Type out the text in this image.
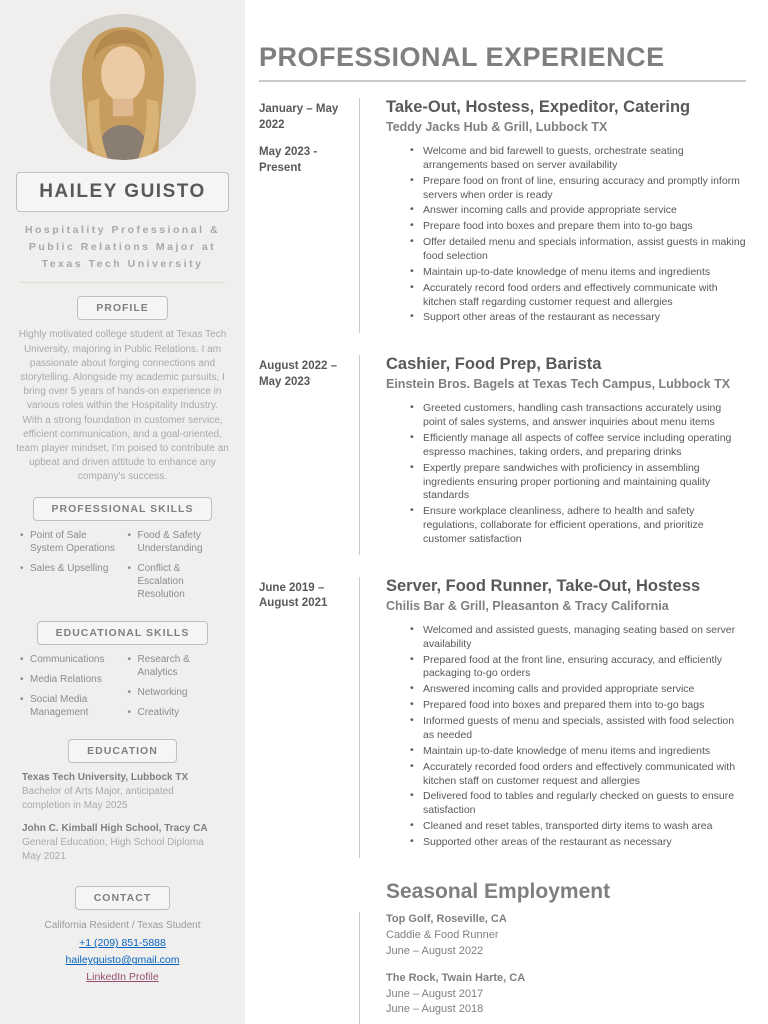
HAILEY GUISTO
Hospitality Professional & Public Relations Major at Texas Tech University
PROFILE

Highly motivated college student at Texas Tech University, majoring in Public Relations. I am passionate about forging connections and storytelling. Alongside my academic pursuits, I bring over 5 years of hands-on experience in various roles within the Hospitality Industry. With a strong foundation in customer service, efficient communication, and a goal-oriented, team player mindset, I'm poised to contribute an upbeat and driven attitude to enhance any company's success.

PROFESSIONAL SKILLS
• Point of Sale System Operations
• Sales & Upselling
• Food & Safety Understanding
• Conflict & Escalation Resolution
EDUCATIONAL SKILLS
• Communications
• Media Relations
• Social Media Management
• Research & Analytics
• Networking
• Creativity
EDUCATION
Texas Tech University, Lubbock TX
Bachelor of Arts Major, anticipated completion in May 2025
John C. Kimball High School, Tracy CA
General Education, High School Diploma May 2021
CONTACT
California Resident / Texas Student
+1 (209) 851-5888
haileyguisto@gmail.com
LinkedIn Profile
PROFESSIONAL EXPERIENCE
January – May 2022
May 2023 - Present
Take-Out, Hostess, Expeditor, Catering
Teddy Jacks Hub & Grill, Lubbock TX
• Welcome and bid farewell to guests, orchestrate seating arrangements based on server availability
• Prepare food on front of line, ensuring accuracy and promptly inform servers when order is ready
• Answer incoming calls and provide appropriate service
• Prepare food into boxes and prepare them into to-go bags
• Offer detailed menu and specials information, assist guests in making food selection
• Maintain up-to-date knowledge of menu items and ingredients
• Accurately record food orders and effectively communicate with kitchen staff regarding customer request and allergies
• Support other areas of the restaurant as necessary
August 2022 – May 2023
Cashier, Food Prep, Barista
Einstein Bros. Bagels at Texas Tech Campus, Lubbock TX
• Greeted customers, handling cash transactions accurately using point of sales systems, and answer inquiries about menu items
• Efficiently manage all aspects of coffee service including operating espresso machines, taking orders, and preparing drinks
• Expertly prepare sandwiches with proficiency in assembling ingredients ensuring proper portioning and maintaining quality standards
• Ensure workplace cleanliness, adhere to health and safety regulations, collaborate for efficient operations, and prioritize customer satisfaction
June 2019 – August 2021
Server, Food Runner, Take-Out, Hostess
Chilis Bar & Grill, Pleasanton & Tracy California
• Welcomed and assisted guests, managing seating based on server availability
• Prepared food at the front line, ensuring accuracy, and efficiently packaging to-go orders
• Answered incoming calls and provided appropriate service
• Prepared food into boxes and prepared them into to-go bags
• Informed guests of menu and specials, assisted with food selection as needed
• Maintain up-to-date knowledge of menu items and ingredients
• Accurately recorded food orders and effectively communicated with kitchen staff on customer request and allergies
• Delivered food to tables and regularly checked on guests to ensure satisfaction
• Cleaned and reset tables, transported dirty items to wash area
• Supported other areas of the restaurant as necessary
Seasonal Employment
Top Golf, Roseville, CA
Caddie & Food Runner
June – August 2022
The Rock, Twain Harte, CA
June – August 2017
June – August 2018
